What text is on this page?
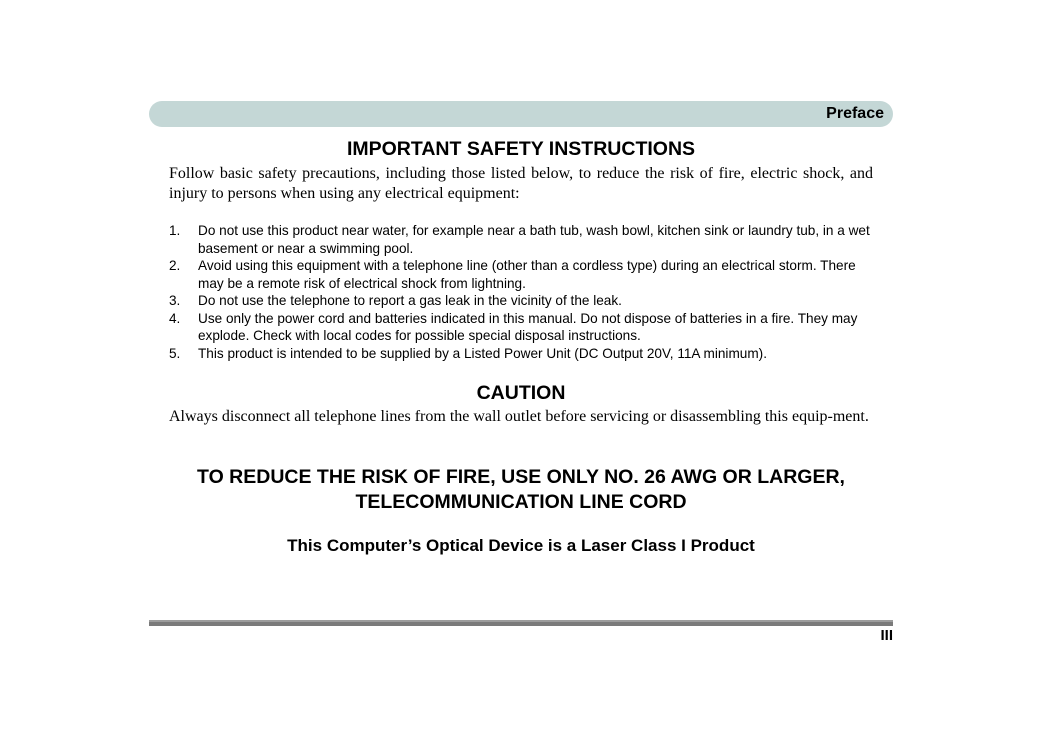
Preface
IMPORTANT SAFETY INSTRUCTIONS

Follow basic safety precautions, including those listed below, to reduce the risk of fire, electric shock, and injury to persons when using any electrical equipment:

1. Do not use this product near water, for example near a bath tub, wash bowl, kitchen sink or laundry tub, in a wet basement or near a swimming pool.
2. Avoid using this equipment with a telephone line (other than a cordless type) during an electrical storm. There may be a remote risk of electrical shock from lightning.
3. Do not use the telephone to report a gas leak in the vicinity of the leak.
4. Use only the power cord and batteries indicated in this manual. Do not dispose of batteries in a fire. They may explode. Check with local codes for possible special disposal instructions.
5. This product is intended to be supplied by a Listed Power Unit (DC Output 20V, 11A minimum).
CAUTION

Always disconnect all telephone lines from the wall outlet before servicing or disassembling this equip-ment.

TO REDUCE THE RISK OF FIRE, USE ONLY NO. 26 AWG OR LARGER, TELECOMMUNICATION LINE CORD
This Computer’s Optical Device is a Laser Class I Product
III
